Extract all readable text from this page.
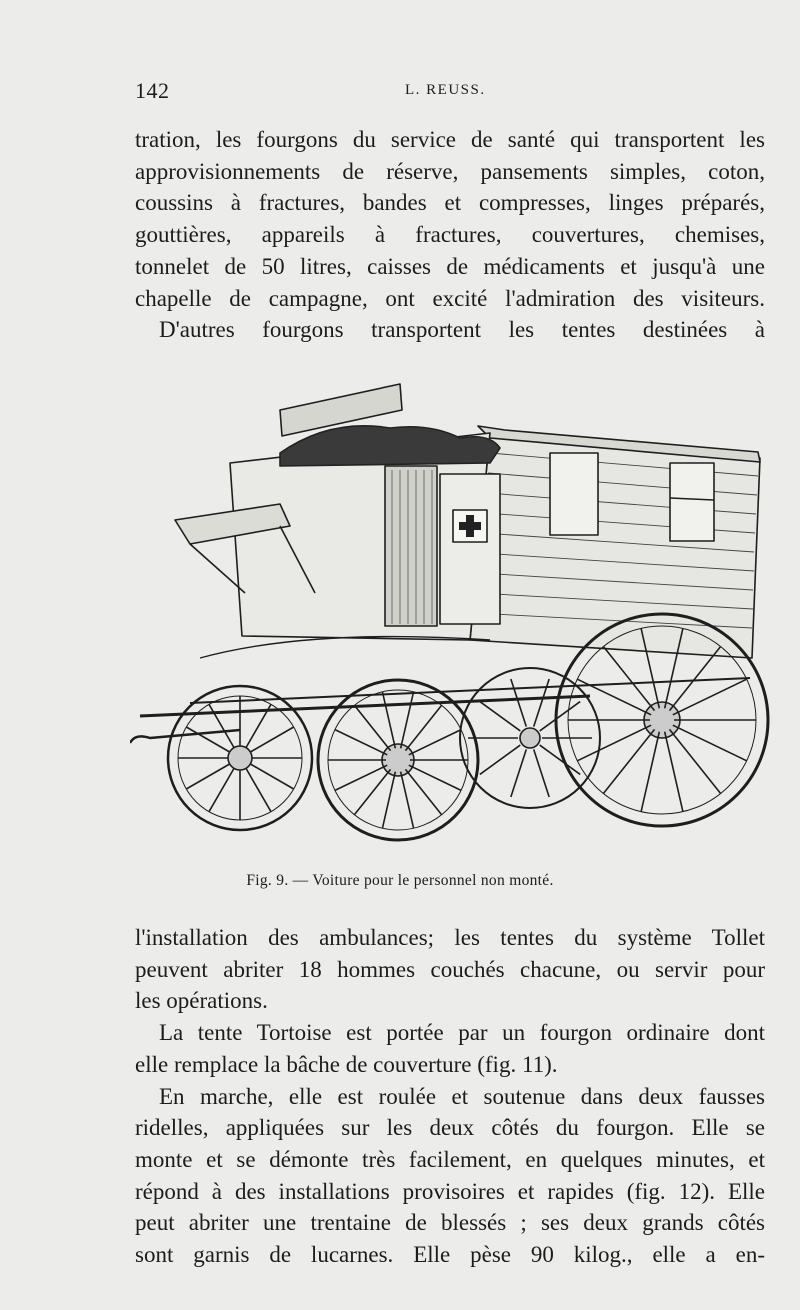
142	L. REUSS.

tration, les fourgons du service de santé qui transportent les

approvisionnements de réserve, pansements simples, coton,

coussins à fractures, bandes et compresses, linges préparés,

gouttières, appareils à fractures, couvertures, chemises,

tonnelet de 50 litres, caisses de médicaments et jusqu'à une

chapelle de campagne, ont excité l'admiration des visiteurs.

D'autres fourgons transportent les tentes destinées à

Fig. 9. — Voiture pour le personnel non monté.

l'installation des ambulances; les tentes du système Tollet

peuvent abriter 18 hommes couchés chacune, ou servir pour

les opérations.

La tente Tortoise est portée par un fourgon ordinaire dont

elle remplace la bâche de couverture (fig. 11).

En marche, elle est roulée et soutenue dans deux fausses

ridelles, appliquées sur les deux côtés du fourgon. Elle se

monte et se démonte très facilement, en quelques minutes, et

répond à des installations provisoires et rapides (fig. 12). Elle

peut abriter une trentaine de blessés ; ses deux grands côtés

sont garnis de lucarnes. Elle pèse 90 kilog., elle a en-
